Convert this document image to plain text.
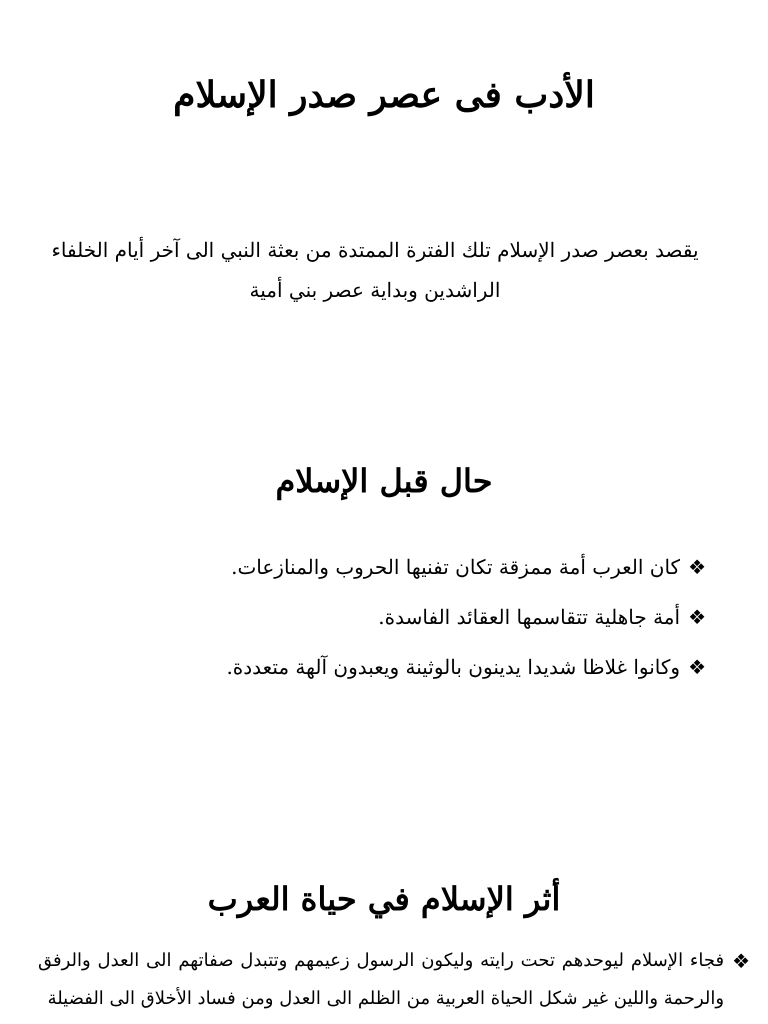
الأدب فى عصر صدر الإسلام

يقصد بعصر صدر الإسلام تلك الفترة الممتدة من بعثة النبي الى آخر أيام الخلفاء الراشدين وبداية عصر بني أمية

حال قبل الإسلام
❖
كان العرب أمة ممزقة تكان تفنيها الحروب والمنازعات.
❖
أمة جاهلية تتقاسمها العقائد الفاسدة.
❖
وكانوا غلاظا شديدا يدينون بالوثينة ويعبدون آلهة متعددة.
أثر الإسلام في حياة العرب
❖
فجاء الإسلام ليوحدهم تحت رايته وليكون الرسول زعيمهم وتتبدل صفاتهم الى العدل والرفق والرحمة واللين غير شكل الحياة العربية من الظلم الى العدل ومن فساد الأخلاق الى الفضيلة
